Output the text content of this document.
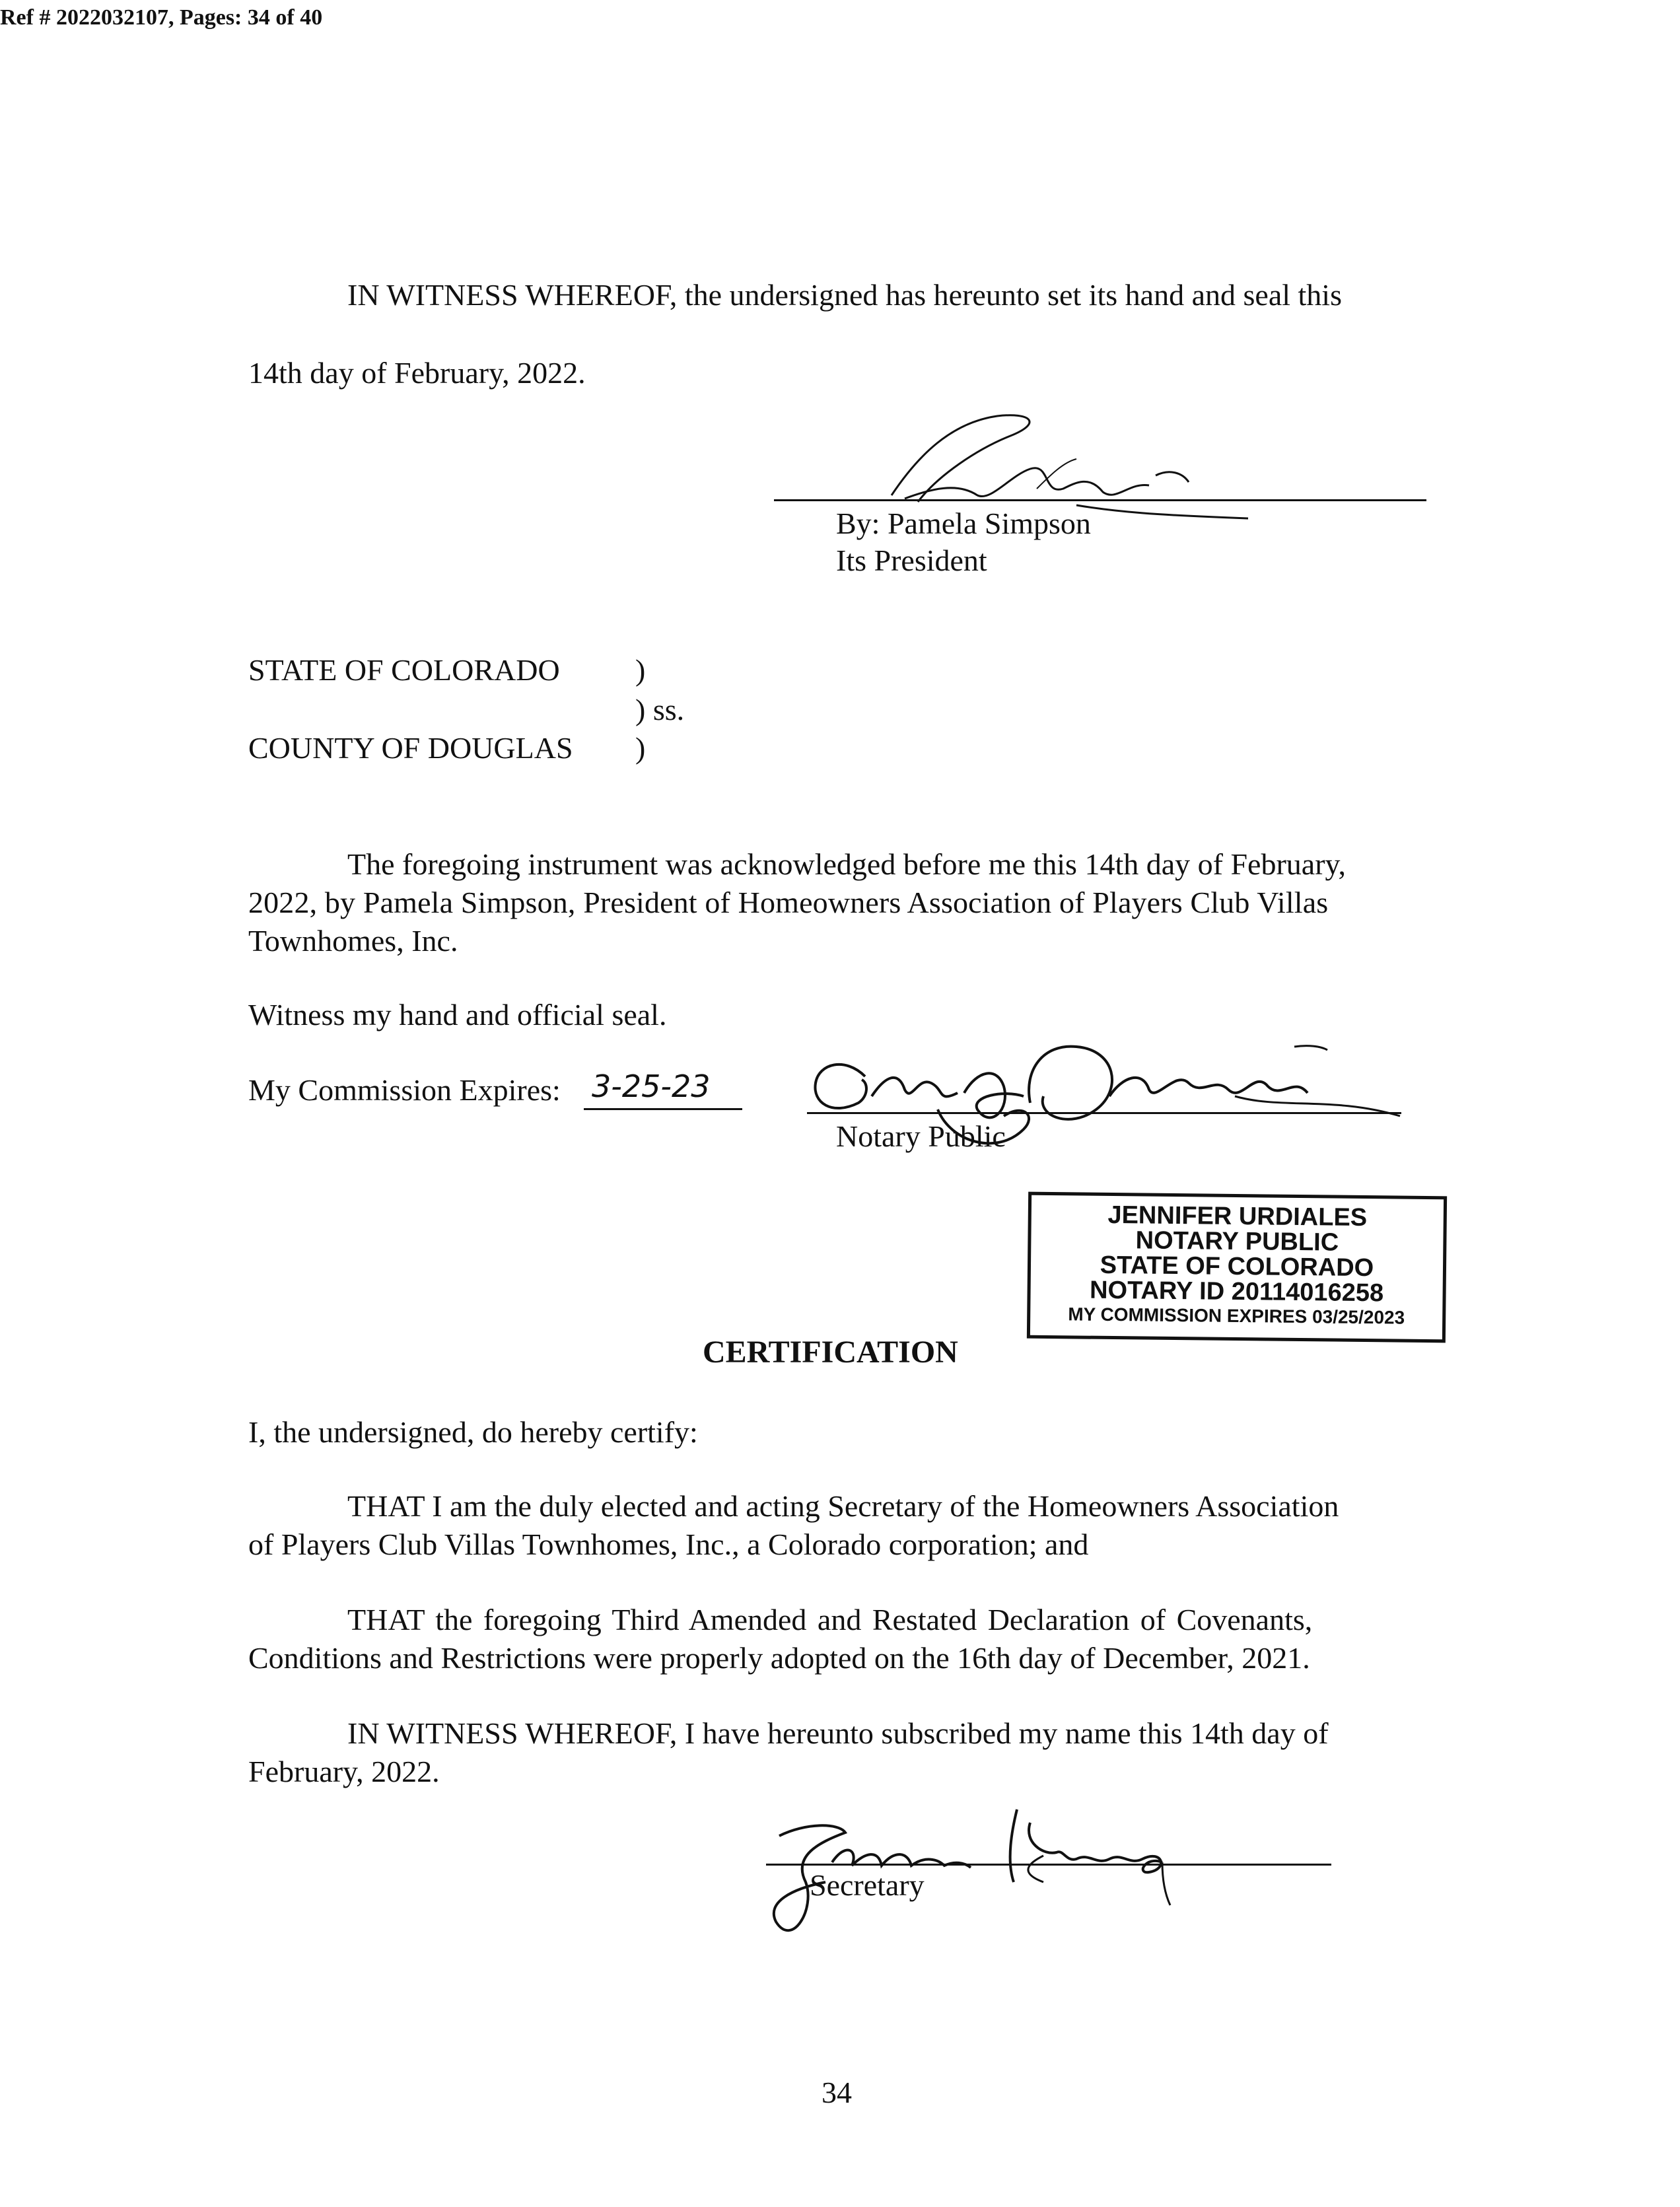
Ref # 2022032107, Pages: 34 of 40
IN WITNESS WHEREOF, the undersigned has hereunto set its hand and seal this
14th day of February, 2022.
By: Pamela Simpson
Its President
STATE OF COLORADO )
) ss.
COUNTY OF DOUGLAS )
The foregoing instrument was acknowledged before me this 14th day of February,
2022, by Pamela Simpson, President of Homeowners Association of Players Club Villas
Townhomes, Inc.
Witness my hand and official seal.
My Commission Expires: 3-25-23
Notary Public
JENNIFER URDIALES
NOTARY PUBLIC
STATE OF COLORADO
NOTARY ID 20114016258
MY COMMISSION EXPIRES 03/25/2023
CERTIFICATION
I, the undersigned, do hereby certify:
THAT I am the duly elected and acting Secretary of the Homeowners Association
of Players Club Villas Townhomes, Inc., a Colorado corporation; and
THAT the foregoing Third Amended and Restated Declaration of Covenants,
Conditions and Restrictions were properly adopted on the 16th day of December, 2021.
IN WITNESS WHEREOF, I have hereunto subscribed my name this 14th day of
February, 2022.
Secretary
34
